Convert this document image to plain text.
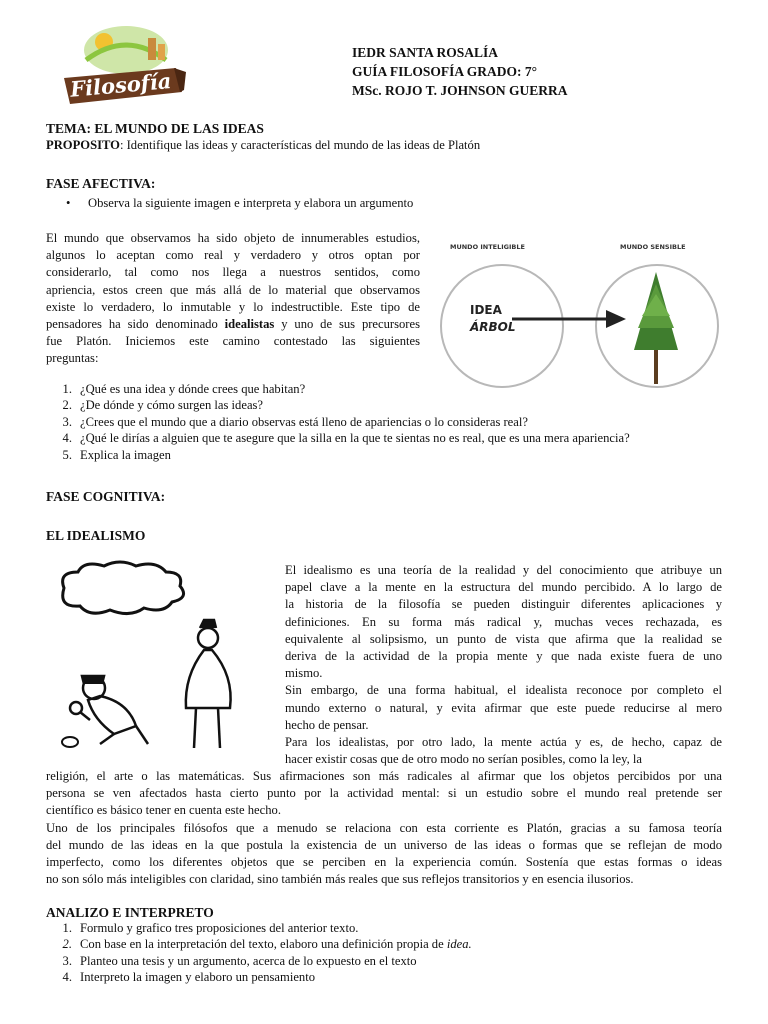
Filosofía
IEDR SANTA ROSALÍA
GUÍA FILOSOFÍA GRADO: 7°
MSc. ROJO T. JOHNSON GUERRA
TEMA: EL MUNDO DE LAS IDEAS
PROPOSITO: Identifique las ideas y características del mundo de las ideas de Platón
FASE AFECTIVA:
• Observa la siguiente imagen e interpreta y elabora un argumento
El mundo que observamos ha sido objeto de innumerables estudios,
algunos lo aceptan como real y verdadero y otros optan por
considerarlo, tal como nos llega a nuestros sentidos, como
apriencia, estos creen que más allá de lo material que observamos
existe lo verdadero, lo inmutable y lo indestructible. Este tipo de
pensadores ha sido denominado idealistas y uno de sus precursores
fue Platón. Iniciemos este camino contestado las siguientes
preguntas:
MUNDO INTELIGIBLE	MUNDO SENSIBLE
IDEA
ÁRBOL
1. ¿Qué es una idea y dónde crees que habitan?
2. ¿De dónde y cómo surgen las ideas?
3. ¿Crees que el mundo que a diario observas está lleno de apariencias o lo consideras real?
4. ¿Qué le dirías a alguien que te asegure que la silla en la que te sientas no es real, que es una mera apariencia?
5. Explica la imagen
FASE COGNITIVA:
EL IDEALISMO
El idealismo es una teoría de la realidad y del conocimiento que atribuye un
papel clave a la mente en la estructura del mundo percibido. A lo largo de
la historia de la filosofía se pueden distinguir diferentes aplicaciones y
definiciones. En su forma más radical y, muchas veces rechazada, es
equivalente al solipsismo, un punto de vista que afirma que la realidad se
deriva de la actividad de la propia mente y que nada existe fuera de uno
mismo.
Sin embargo, de una forma habitual, el idealista reconoce por completo el
mundo externo o natural, y evita afirmar que este puede reducirse al mero
hecho de pensar.
Para los idealistas, por otro lado, la mente actúa y es, de hecho, capaz de
hacer existir cosas que de otro modo no serían posibles, como la ley, la
religión, el arte o las matemáticas. Sus afirmaciones son más radicales al afirmar que los objetos percibidos por una
persona se ven afectados hasta cierto punto por la actividad mental: si un estudio sobre el mundo real pretende ser
científico es básico tener en cuenta este hecho.
Uno de los principales filósofos que a menudo se relaciona con esta corriente es Platón, gracias a su famosa teoría
del mundo de las ideas en la que postula la existencia de un universo de las ideas o formas que se reflejan de modo
imperfecto, como los diferentes objetos que se perciben en la experiencia común. Sostenía que estas formas o ideas
no son sólo más inteligibles con claridad, sino también más reales que sus reflejos transitorios y en esencia ilusorios.
ANALIZO E INTERPRETO
1. Formulo y grafico tres proposiciones del anterior texto.
2. Con base en la interpretación del texto, elaboro una definición propia de idea.
3. Planteo una tesis y un argumento, acerca de lo expuesto en el texto
4. Interpreto la imagen y elaboro un pensamiento
